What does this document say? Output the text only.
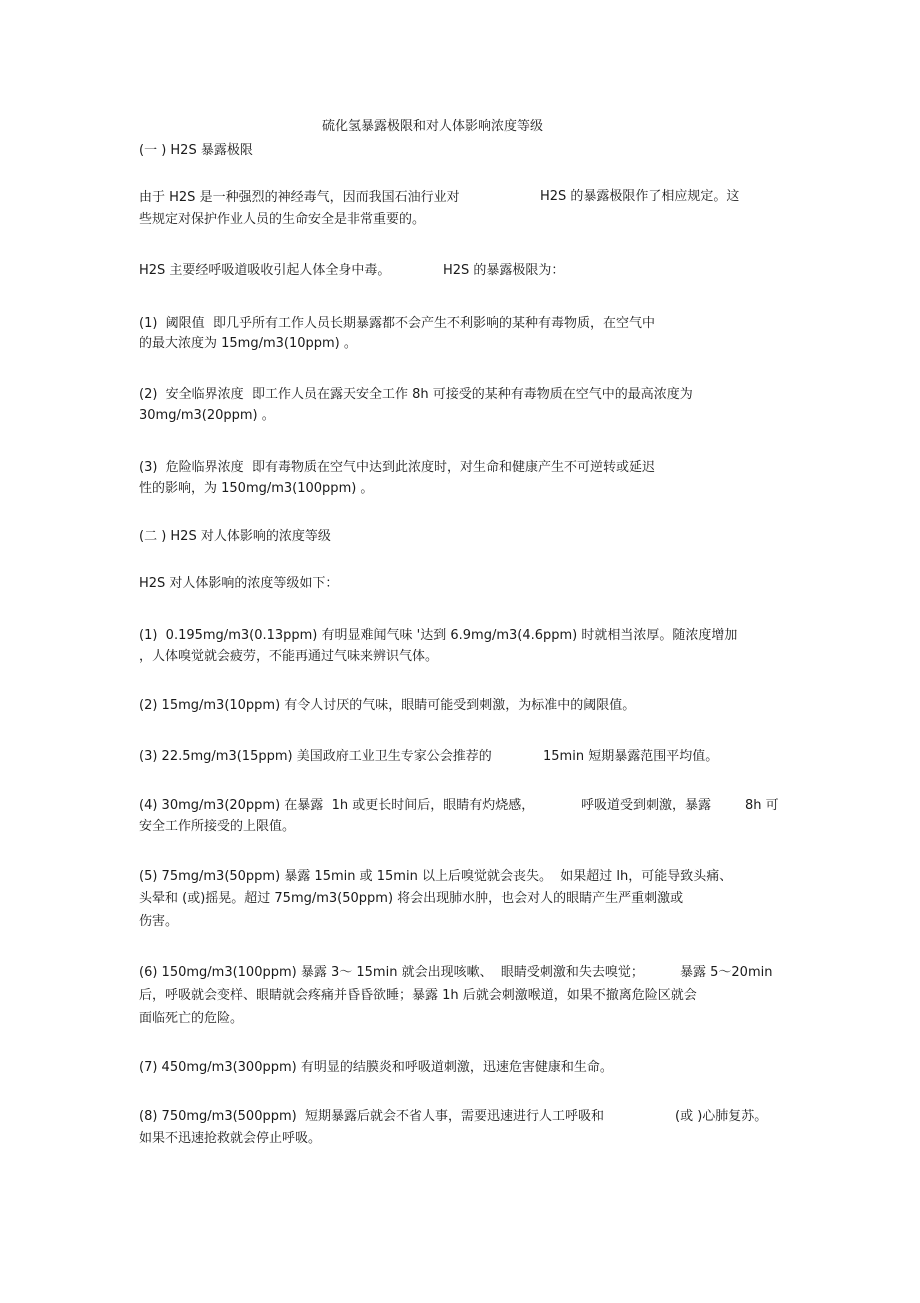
硫化氢暴露极限和对人体影响浓度等级
(一 ) H2S 暴露极限
由于 H2S 是一种强烈的神经毒气，因而我国石油行业对	H2S 的暴露极限作了相应规定。这
些规定对保护作业人员的生命安全是非常重要的。
H2S 主要经呼吸道吸收引起人体全身中毒。	H2S 的暴露极限为：
(1)  阈限值  即几乎所有工作人员长期暴露都不会产生不利影响的某种有毒物质，在空气中
的最大浓度为 15mg/m3(10ppm) 。
(2)  安全临界浓度  即工作人员在露天安全工作 8h 可接受的某种有毒物质在空气中的最高浓度为
30mg/m3(20ppm) 。
(3)  危险临界浓度  即有毒物质在空气中达到此浓度时，对生命和健康产生不可逆转或延迟
性的影响，为 150mg/m3(100ppm) 。
(二 ) H2S 对人体影响的浓度等级
H2S 对人体影响的浓度等级如下：
(1)  0.195mg/m3(0.13ppm) 有明显难闻气味 '达到 6.9mg/m3(4.6ppm) 时就相当浓厚。随浓度增加
，人体嗅觉就会疲劳，不能再通过气味来辨识气体。
(2) 15mg/m3(10ppm) 有令人讨厌的气味，眼睛可能受到刺激，为标准中的阈限值。
(3) 22.5mg/m3(15ppm) 美国政府工业卫生专家公会推荐的	15min 短期暴露范围平均值。
(4) 30mg/m3(20ppm) 在暴露  1h 或更长时间后，眼睛有灼烧感，	呼吸道受到刺激，暴露	8h 可
安全工作所接受的上限值。
(5) 75mg/m3(50ppm) 暴露 15min 或 15min 以上后嗅觉就会丧失。  如果超过 lh，可能导致头痛、
头晕和 (或)摇晃。超过 75mg/m3(50ppm) 将会出现肺水肿，也会对人的眼睛产生严重刺激或
伤害。
(6) 150mg/m3(100ppm) 暴露 3～ 15min 就会出现咳嗽、  眼睛受刺激和失去嗅觉；	暴露 5～20min
后，呼吸就会变样、眼睛就会疼痛并昏昏欲睡；暴露 1h 后就会刺激喉道，如果不撤离危险区就会
面临死亡的危险。
(7) 450mg/m3(300ppm) 有明显的结膜炎和呼吸道刺激，迅速危害健康和生命。
(8) 750mg/m3(500ppm)  短期暴露后就会不省人事，需要迅速进行人工呼吸和	(或 )心肺复苏。
如果不迅速抢救就会停止呼吸。
